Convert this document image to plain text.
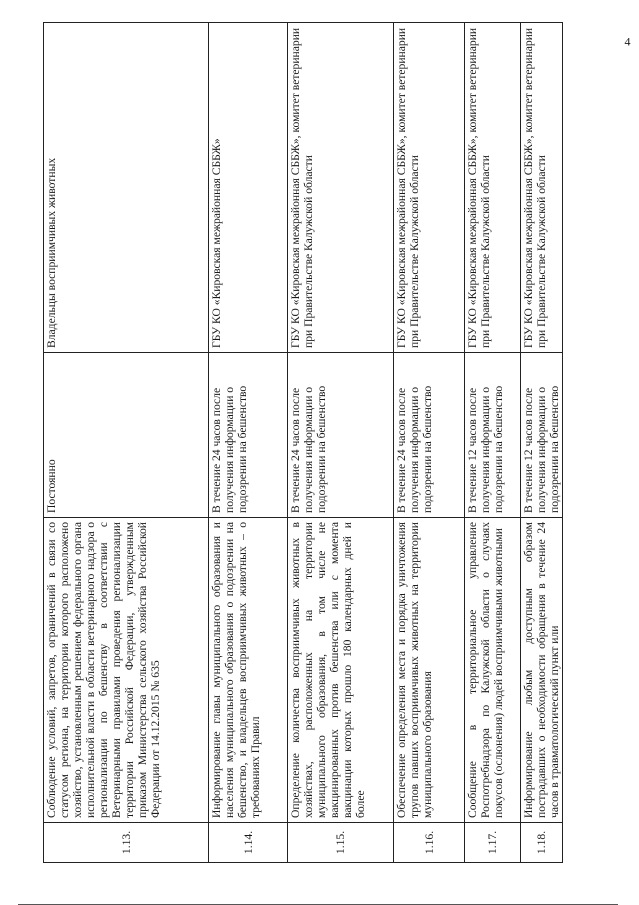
1.13.	Соблюдение условий, запретов, ограничений в связи со статусом региона, на территории которого расположено хозяйство, установленным решением федерального органа исполнительной власти в области ветеринарного надзора о регионализации по бешенству в соответствии с Ветеринарными правилами проведения регионализации территории Российской Федерации, утвержденным приказом Министерства сельского хозяйства Российской Федерации от 14.12.2015 № 635	Постоянно	Владельцы восприимчивых животных
1.14.	Информирование главы муниципального образования и населения муниципального образования о подозрении на бешенство, и владельцев восприимчивых животных – о требованиях Правил	В течение 24 часов после получения информации о подозрении на бешенство	ГБУ КО «Кировская межрайонная СББЖ»
1.15.	Определение количества восприимчивых животных в хозяйствах, расположенных на территории муниципального образования, в том числе не вакцинированных против бешенства или с момента вакцинации которых прошло 180 календарных дней и более	В течение 24 часов после получения информации о подозрении на бешенство	ГБУ КО «Кировская межрайонная СББЖ», комитет ветеринарии при Правительстве Калужской области
1.16.	Обеспечение определения места и порядка уничтожения трупов павших восприимчивых животных на территории муниципального образования	В течение 24 часов после получения информации о подозрении на бешенство	ГБУ КО «Кировская межрайонная СББЖ», комитет ветеринарии при Правительстве Калужской области
1.17.	Сообщение в территориальное управление Роспотребнадзора по Калужской области о случаях покусов (ослюнения) людей восприимчивыми животными	В течение 12 часов после получения информации о подозрении на бешенство	ГБУ КО «Кировская межрайонная СББЖ», комитет ветеринарии при Правительстве Калужской области
1.18.	Информирование любым доступным образом пострадавших о необходимости обращения в течение 24 часов в травматологический пункт или	В течение 12 часов после получения информации о подозрении на бешенство	ГБУ КО «Кировская межрайонная СББЖ», комитет ветеринарии при Правительстве Калужской области
4
